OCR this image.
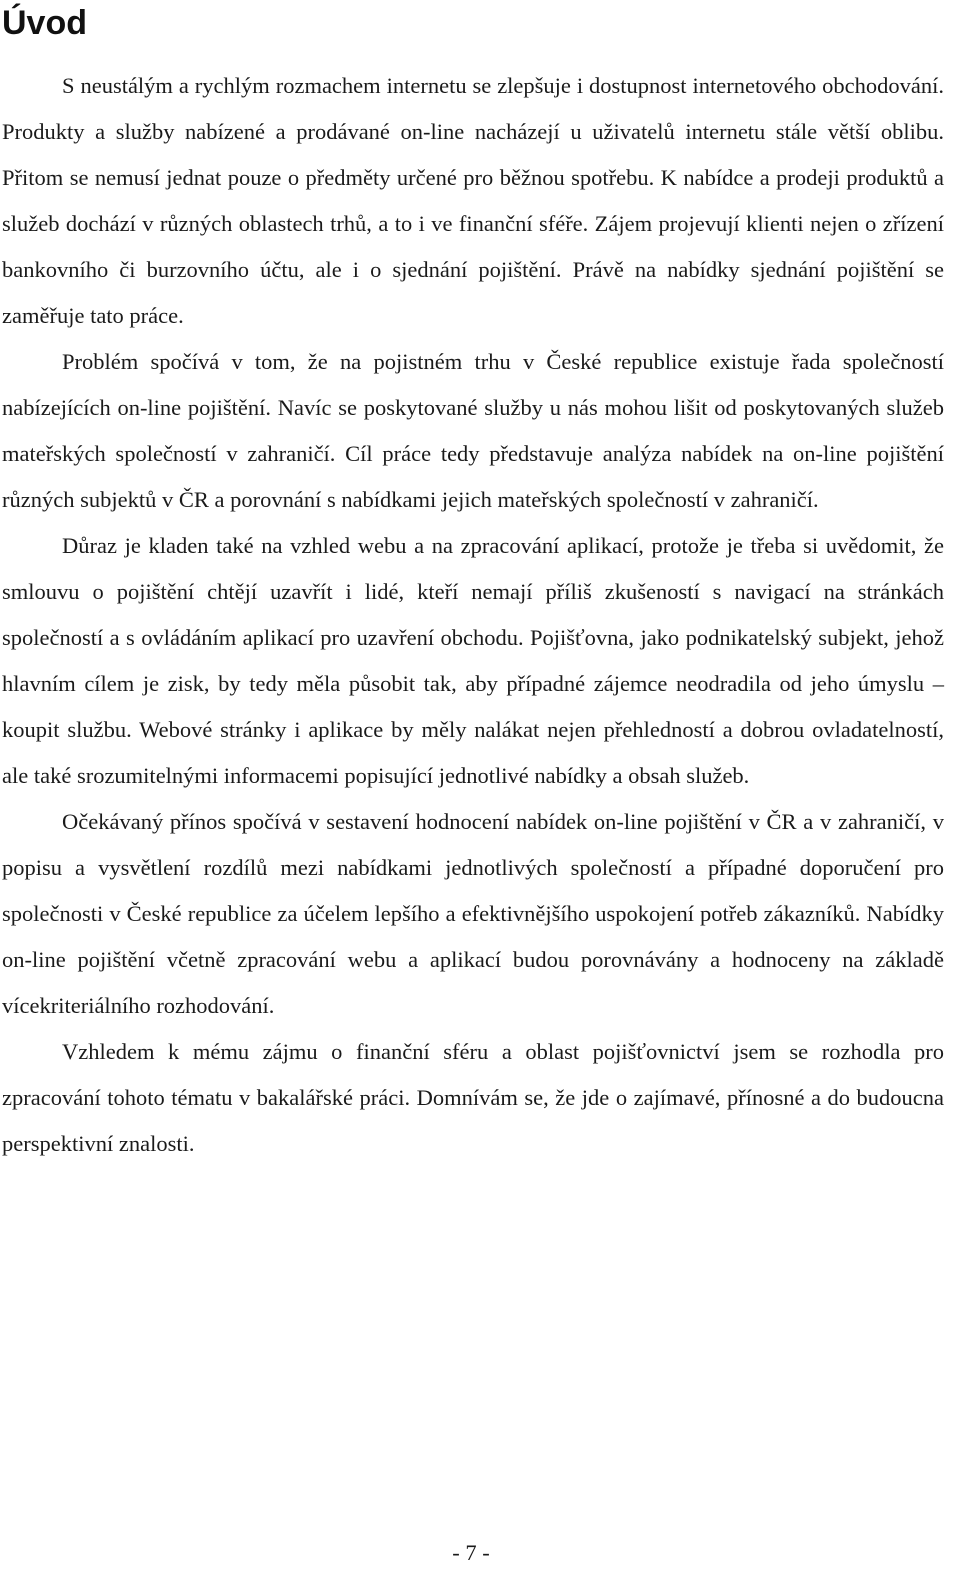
Úvod

S neustálým a rychlým rozmachem internetu se zlepšuje i dostupnost internetového obchodování. Produkty a služby nabízené a prodávané on-line nacházejí u uživatelů internetu stále větší oblibu. Přitom se nemusí jednat pouze o předměty určené pro běžnou spotřebu. K nabídce a prodeji produktů a služeb dochází v různých oblastech trhů, a to i ve finanční sféře. Zájem projevují klienti nejen o zřízení bankovního či burzovního účtu, ale i o sjednání pojištění. Právě na nabídky sjednání pojištění se zaměřuje tato práce.

Problém spočívá v tom, že na pojistném trhu v České republice existuje řada společností nabízejících on-line pojištění. Navíc se poskytované služby u nás mohou lišit od poskytovaných služeb mateřských společností v zahraničí. Cíl práce tedy představuje analýza nabídek na on-line pojištění různých subjektů v ČR a porovnání s nabídkami jejich mateřských společností v zahraničí.

Důraz je kladen také na vzhled webu a na zpracování aplikací, protože je třeba si uvědomit, že smlouvu o pojištění chtějí uzavřít i lidé, kteří nemají příliš zkušeností s navigací na stránkách společností a s ovládáním aplikací pro uzavření obchodu. Pojišťovna, jako podnikatelský subjekt, jehož hlavním cílem je zisk, by tedy měla působit tak, aby případné zájemce neodradila od jeho úmyslu – koupit službu. Webové stránky i aplikace by měly nalákat nejen přehledností a dobrou ovladatelností, ale také srozumitelnými informacemi popisující jednotlivé nabídky a obsah služeb.

Očekávaný přínos spočívá v sestavení hodnocení nabídek on-line pojištění v ČR a v zahraničí, v popisu a vysvětlení rozdílů mezi nabídkami jednotlivých společností a případné doporučení pro společnosti v České republice za účelem lepšího a efektivnějšího uspokojení potřeb zákazníků. Nabídky on-line pojištění včetně zpracování webu a aplikací budou porovnávány a hodnoceny na základě vícekriteriálního rozhodování.

Vzhledem k mému zájmu o finanční sféru a oblast pojišťovnictví jsem se rozhodla pro zpracování tohoto tématu v bakalářské práci. Domnívám se, že jde o zajímavé, přínosné a do budoucna perspektivní znalosti.

- 7 -
